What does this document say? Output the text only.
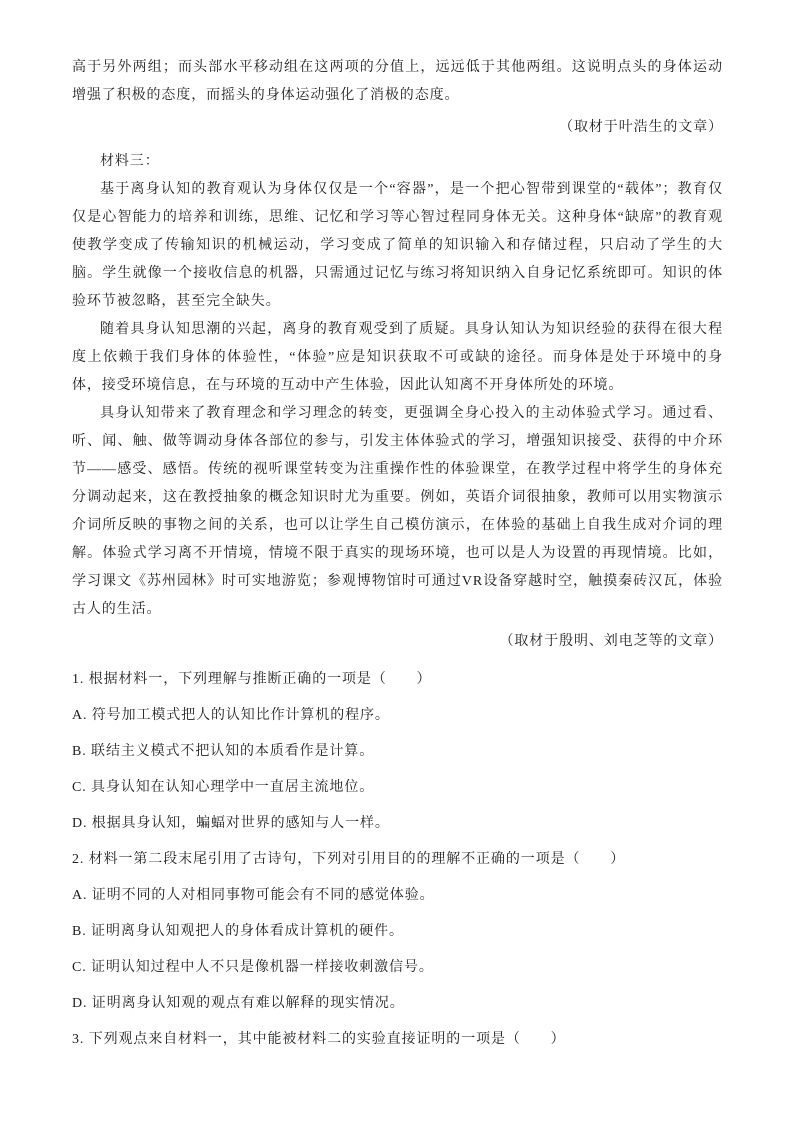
高于另外两组；而头部水平移动组在这两项的分值上，远远低于其他两组。这说明点头的身体运动增强了积极的态度，而摇头的身体运动强化了消极的态度。

（取材于叶浩生的文章）

材料三：

基于离身认知的教育观认为身体仅仅是一个“容器”，是一个把心智带到课堂的“载体”；教育仅仅是心智能力的培养和训练，思维、记忆和学习等心智过程同身体无关。这种身体“缺席”的教育观使教学变成了传输知识的机械运动，学习变成了简单的知识输入和存储过程，只启动了学生的大脑。学生就像一个接收信息的机器，只需通过记忆与练习将知识纳入自身记忆系统即可。知识的体验环节被忽略，甚至完全缺失。

随着具身认知思潮的兴起，离身的教育观受到了质疑。具身认知认为知识经验的获得在很大程度上依赖于我们身体的体验性，“体验”应是知识获取不可或缺的途径。而身体是处于环境中的身体，接受环境信息，在与环境的互动中产生体验，因此认知离不开身体所处的环境。

具身认知带来了教育理念和学习理念的转变，更强调全身心投入的主动体验式学习。通过看、听、闻、触、做等调动身体各部位的参与，引发主体体验式的学习，增强知识接受、获得的中介环节——感受、感悟。传统的视听课堂转变为注重操作性的体验课堂，在教学过程中将学生的身体充分调动起来，这在教授抽象的概念知识时尤为重要。例如，英语介词很抽象，教师可以用实物演示介词所反映的事物之间的关系，也可以让学生自己模仿演示，在体验的基础上自我生成对介词的理解。体验式学习离不开情境，情境不限于真实的现场环境，也可以是人为设置的再现情境。比如，学习课文《苏州园林》时可实地游览；参观博物馆时可通过VR设备穿越时空，触摸秦砖汉瓦，体验古人的生活。

（取材于殷明、刘电芝等的文章）

1. 根据材料一，下列理解与推断正确的一项是（　　）

A. 符号加工模式把人的认知比作计算机的程序。

B. 联结主义模式不把认知的本质看作是计算。

C. 具身认知在认知心理学中一直居主流地位。

D. 根据具身认知，蝙蝠对世界的感知与人一样。

2. 材料一第二段末尾引用了古诗句，下列对引用目的的理解不正确的一项是（　　）

A. 证明不同的人对相同事物可能会有不同的感觉体验。

B. 证明离身认知观把人的身体看成计算机的硬件。

C. 证明认知过程中人不只是像机器一样接收刺激信号。

D. 证明离身认知观的观点有难以解释的现实情况。

3. 下列观点来自材料一，其中能被材料二的实验直接证明的一项是（　　）
